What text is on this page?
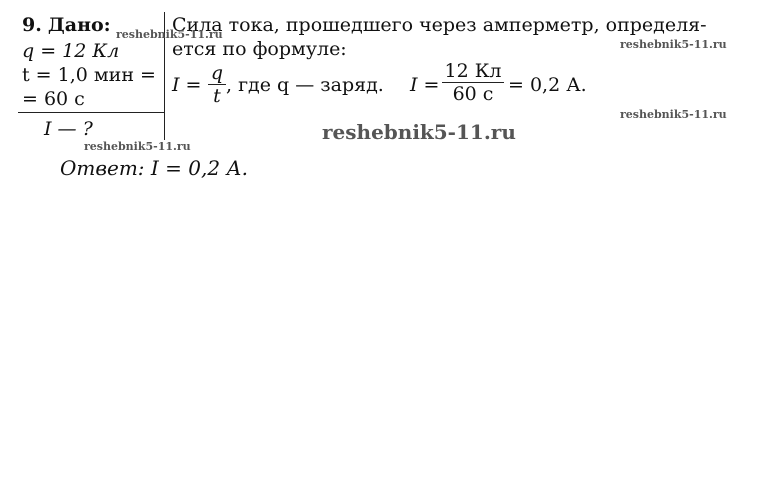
9. Дано:
q = 12 Кл
t = 1,0 мин =
= 60 с
I — ?
Сила тока, прошедшего через амперметр, определя-
ется по формуле:
I =
q
t , где q — заряд. I =
12 Кл
60 с = 0,2 А.
Ответ: I = 0,2 А.
reshebnik5-11.ru
reshebnik5-11.ru
reshebnik5-11.ru
reshebnik5-11.ru
reshebnik5-11.ru
